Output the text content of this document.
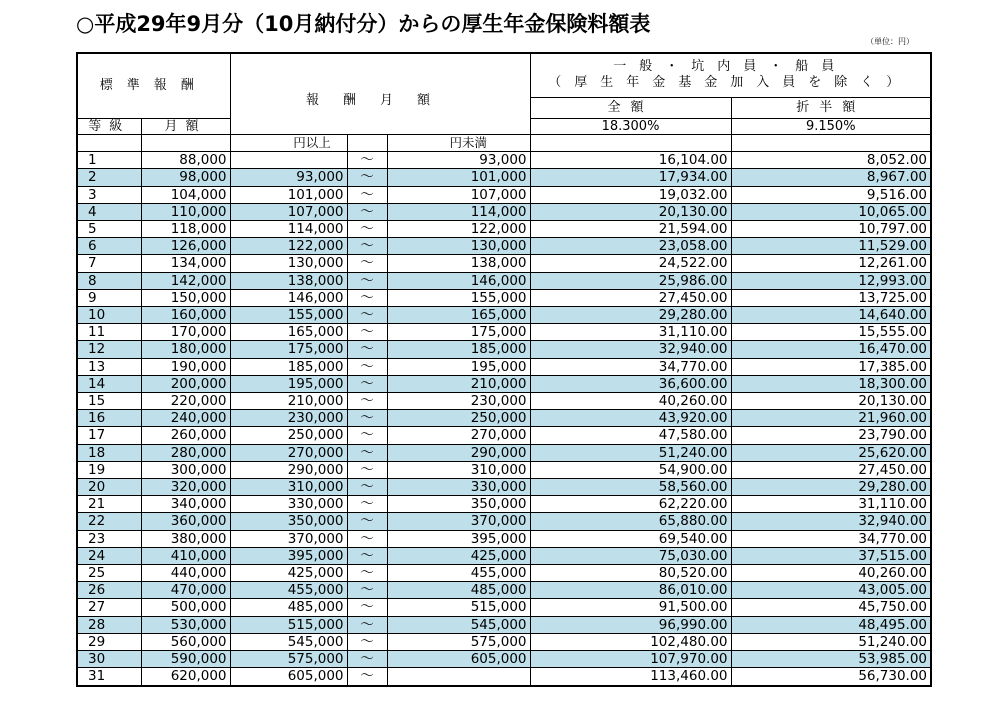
○平成29年9月分（10月納付分）からの厚生年金保険料額表
（単位：円）
標準報酬		報酬月額			一般・坑内員・船員
（厚生年金基金加入員を除く）	

					全額	折半額
等級	月額				18.300%	9.150%
		円以上		円未満		
1	88,000		～	93,000	16,104.00	8,052.00
2	98,000	93,000	～	101,000	17,934.00	8,967.00
3	104,000	101,000	～	107,000	19,032.00	9,516.00
4	110,000	107,000	～	114,000	20,130.00	10,065.00
5	118,000	114,000	～	122,000	21,594.00	10,797.00
6	126,000	122,000	～	130,000	23,058.00	11,529.00
7	134,000	130,000	～	138,000	24,522.00	12,261.00
8	142,000	138,000	～	146,000	25,986.00	12,993.00
9	150,000	146,000	～	155,000	27,450.00	13,725.00
10	160,000	155,000	～	165,000	29,280.00	14,640.00
11	170,000	165,000	～	175,000	31,110.00	15,555.00
12	180,000	175,000	～	185,000	32,940.00	16,470.00
13	190,000	185,000	～	195,000	34,770.00	17,385.00
14	200,000	195,000	～	210,000	36,600.00	18,300.00
15	220,000	210,000	～	230,000	40,260.00	20,130.00
16	240,000	230,000	～	250,000	43,920.00	21,960.00
17	260,000	250,000	～	270,000	47,580.00	23,790.00
18	280,000	270,000	～	290,000	51,240.00	25,620.00
19	300,000	290,000	～	310,000	54,900.00	27,450.00
20	320,000	310,000	～	330,000	58,560.00	29,280.00
21	340,000	330,000	～	350,000	62,220.00	31,110.00
22	360,000	350,000	～	370,000	65,880.00	32,940.00
23	380,000	370,000	～	395,000	69,540.00	34,770.00
24	410,000	395,000	～	425,000	75,030.00	37,515.00
25	440,000	425,000	～	455,000	80,520.00	40,260.00
26	470,000	455,000	～	485,000	86,010.00	43,005.00
27	500,000	485,000	～	515,000	91,500.00	45,750.00
28	530,000	515,000	～	545,000	96,990.00	48,495.00
29	560,000	545,000	～	575,000	102,480.00	51,240.00
30	590,000	575,000	～	605,000	107,970.00	53,985.00
31	620,000	605,000	～		113,460.00	56,730.00
